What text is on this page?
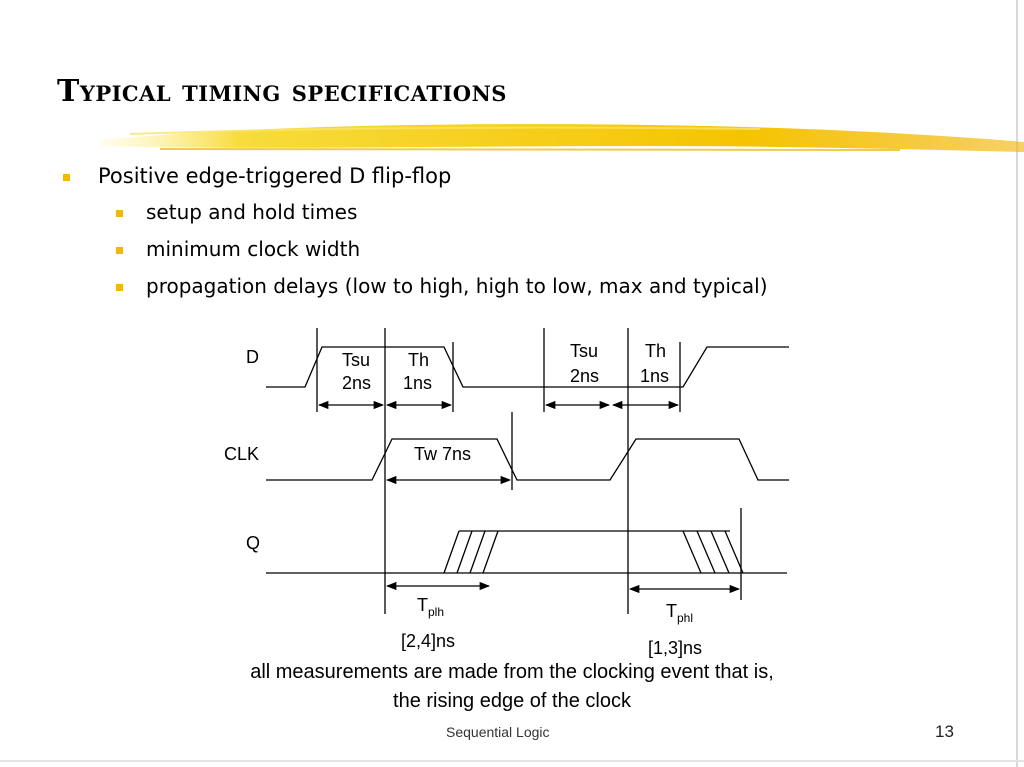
Typical timing specifications
Positive edge-triggered D flip-flop
setup and hold times
minimum clock width
propagation delays (low to high, high to low, max and typical)
D
CLK
Q
Tsu
2ns
Th
1ns
Tsu
2ns
Th
1ns
Tw 7ns
$T_{plh}$
[2,4]ns
$T_{phl}$
[1,3]ns
all measurements are made from the clocking event that is,
the rising edge of the clock
Sequential Logic	13
